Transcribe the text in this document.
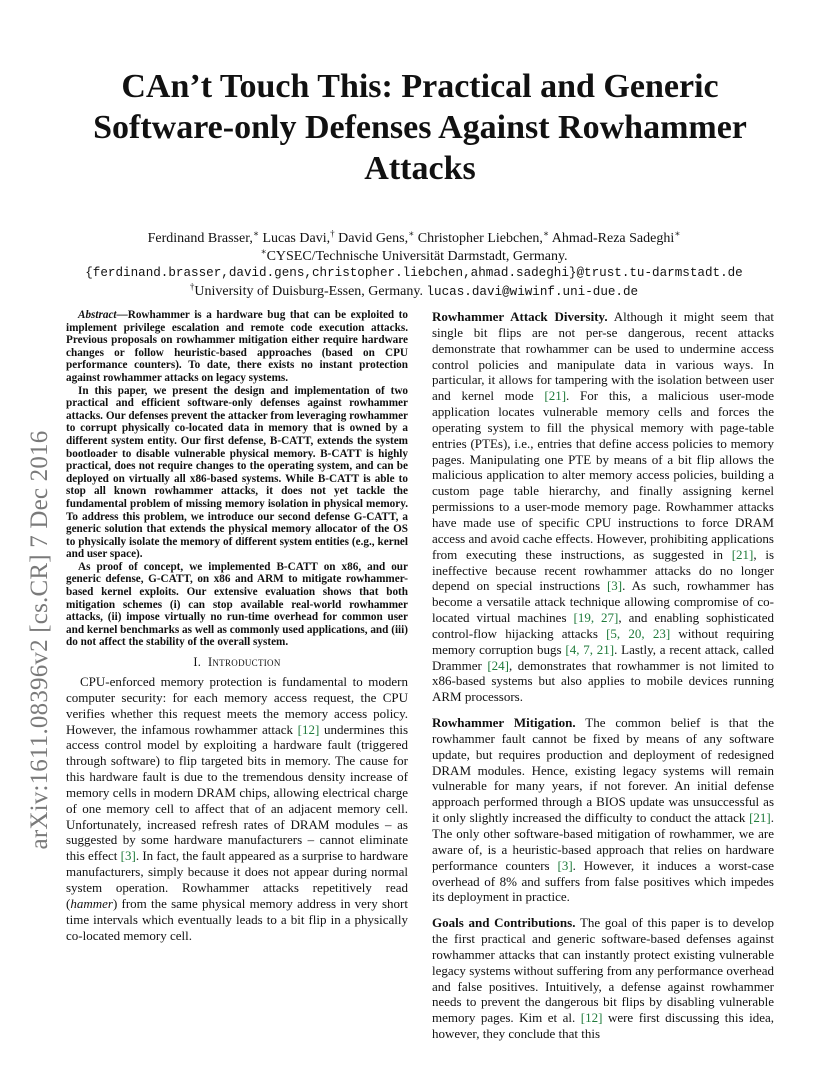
arXiv:1611.08396v2 [cs.CR] 7 Dec 2016
CAn’t Touch This: Practical and Generic Software-only Defenses Against Rowhammer Attacks
Ferdinand Brasser,∗ Lucas Davi,† David Gens,∗ Christopher Liebchen,∗ Ahmad-Reza Sadeghi∗
∗CYSEC/Technische Universität Darmstadt, Germany.
{ferdinand.brasser,david.gens,christopher.liebchen,ahmad.sadeghi}@trust.tu-darmstadt.de
†University of Duisburg-Essen, Germany. lucas.davi@wiwinf.uni-due.de

Abstract—Rowhammer is a hardware bug that can be exploited to implement privilege escalation and remote code execution attacks. Previous proposals on rowhammer mitigation either require hardware changes or follow heuristic-based approaches (based on CPU performance counters). To date, there exists no instant protection against rowhammer attacks on legacy systems.

In this paper, we present the design and implementation of two practical and efficient software-only defenses against rowhammer attacks. Our defenses prevent the attacker from leveraging rowhammer to corrupt physically co-located data in memory that is owned by a different system entity. Our first defense, B-CATT, extends the system bootloader to disable vulnerable physical memory. B-CATT is highly practical, does not require changes to the operating system, and can be deployed on virtually all x86-based systems. While B-CATT is able to stop all known rowhammer attacks, it does not yet tackle the fundamental problem of missing memory isolation in physical memory. To address this problem, we introduce our second defense G-CATT, a generic solution that extends the physical memory allocator of the OS to physically isolate the memory of different system entities (e.g., kernel and user space).

As proof of concept, we implemented B-CATT on x86, and our generic defense, G-CATT, on x86 and ARM to mitigate rowhammer-based kernel exploits. Our extensive evaluation shows that both mitigation schemes (i) can stop available real-world rowhammer attacks, (ii) impose virtually no run-time overhead for common user and kernel benchmarks as well as commonly used applications, and (iii) do not affect the stability of the overall system.

I. Introduction

CPU-enforced memory protection is fundamental to modern computer security: for each memory access request, the CPU verifies whether this request meets the memory access policy. However, the infamous rowhammer attack [12] undermines this access control model by exploiting a hardware fault (triggered through software) to flip targeted bits in memory. The cause for this hardware fault is due to the tremendous density increase of memory cells in modern DRAM chips, allowing electrical charge of one memory cell to affect that of an adjacent memory cell. Unfortunately, increased refresh rates of DRAM modules – as suggested by some hardware manufacturers – cannot eliminate this effect [3]. In fact, the fault appeared as a surprise to hardware manufacturers, simply because it does not appear during normal system operation. Rowhammer attacks repetitively read (hammer) from the same physical memory address in very short time intervals which eventually leads to a bit flip in a physically co-located memory cell.

Rowhammer Attack Diversity. Although it might seem that single bit flips are not per-se dangerous, recent attacks demonstrate that rowhammer can be used to undermine access control policies and manipulate data in various ways. In particular, it allows for tampering with the isolation between user and kernel mode [21]. For this, a malicious user-mode application locates vulnerable memory cells and forces the operating system to fill the physical memory with page-table entries (PTEs), i.e., entries that define access policies to memory pages. Manipulating one PTE by means of a bit flip allows the malicious application to alter memory access policies, building a custom page table hierarchy, and finally assigning kernel permissions to a user-mode memory page. Rowhammer attacks have made use of specific CPU instructions to force DRAM access and avoid cache effects. However, prohibiting applications from executing these instructions, as suggested in [21], is ineffective because recent rowhammer attacks do no longer depend on special instructions [3]. As such, rowhammer has become a versatile attack technique allowing compromise of co-located virtual machines [19, 27], and enabling sophisticated control-flow hijacking attacks [5, 20, 23] without requiring memory corruption bugs [4, 7, 21]. Lastly, a recent attack, called Drammer [24], demonstrates that rowhammer is not limited to x86-based systems but also applies to mobile devices running ARM processors.

Rowhammer Mitigation. The common belief is that the rowhammer fault cannot be fixed by means of any software update, but requires production and deployment of redesigned DRAM modules. Hence, existing legacy systems will remain vulnerable for many years, if not forever. An initial defense approach performed through a BIOS update was unsuccessful as it only slightly increased the difficulty to conduct the attack [21]. The only other software-based mitigation of rowhammer, we are aware of, is a heuristic-based approach that relies on hardware performance counters [3]. However, it induces a worst-case overhead of 8% and suffers from false positives which impedes its deployment in practice.

Goals and Contributions. The goal of this paper is to develop the first practical and generic software-based defenses against rowhammer attacks that can instantly protect existing vulnerable legacy systems without suffering from any performance overhead and false positives. Intuitively, a defense against rowhammer needs to prevent the dangerous bit flips by disabling vulnerable memory pages. Kim et al. [12] were first discussing this idea, however, they conclude that this
